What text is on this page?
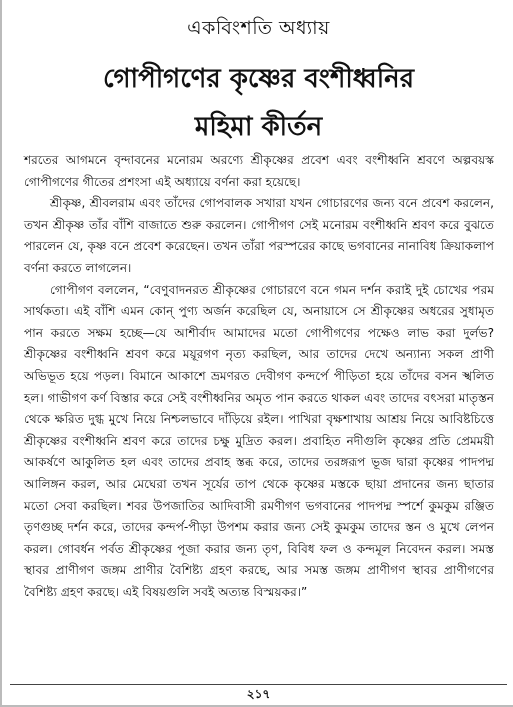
একবিংশতি অধ্যায়
গোপীগণের কৃষ্ণের বংশীধ্বনির
মহিমা কীর্তন

শরতের আগমনে বৃন্দাবনের মনোরম অরণ্যে শ্রীকৃষ্ণের প্রবেশ এবং বংশীধ্বনি শ্রবণে অল্পবয়স্ক গোপীগণের গীতের প্রশংসা এই অধ্যায়ে বর্ণনা করা হয়েছে।

শ্রীকৃষ্ণ, শ্রীবলরাম এবং তাঁদের গোপবালক সখারা যখন গোচারণের জন্য বনে প্রবেশ করলেন, তখন শ্রীকৃষ্ণ তাঁর বাঁশি বাজাতে শুরু করলেন। গোপীগণ সেই মনোরম বংশীধ্বনি শ্রবণ করে বুঝতে পারলেন যে, কৃষ্ণ বনে প্রবেশ করেছেন। তখন তাঁরা পরস্পরের কাছে ভগবানের নানাবিধ ক্রিয়াকলাপ বর্ণনা করতে লাগলেন।

গোপীগণ বললেন, “বেণুবাদনরত শ্রীকৃষ্ণের গোচারণে বনে গমন দর্শন করাই দুই চোখের পরম সার্থকতা। এই বাঁশি এমন কোন্ পুণ্য অর্জন করেছিল যে, অনায়াসে সে শ্রীকৃষ্ণের অধরের সুধামৃত পান করতে সক্ষম হচ্ছে—যে আশীর্বাদ আমাদের মতো গোপীগণের পক্ষেও লাভ করা দুর্লভ? শ্রীকৃষ্ণের বংশীধ্বনি শ্রবণ করে ময়ূরগণ নৃত্য করছিল, আর তাদের দেখে অন্যান্য সকল প্রাণী অভিভূত হয়ে পড়ল। বিমানে আকাশে ভ্রমণরত দেবীগণ কন্দর্পে পীড়িতা হয়ে তাঁদের বসন স্খলিত হল। গাভীগণ কর্ণ বিস্তার করে সেই বংশীধ্বনির অমৃত পান করতে থাকল এবং তাদের বৎসরা মাতৃস্তন থেকে ক্ষরিত দুগ্ধ মুখে নিয়ে নিশ্চলভাবে দাঁড়িয়ে রইল। পাখিরা বৃক্ষশাখায় আশ্রয় নিয়ে আবিষ্টচিত্তে শ্রীকৃষ্ণের বংশীধ্বনি শ্রবণ করে তাদের চক্ষু মুদ্রিত করল। প্রবাহিত নদীগুলি কৃষ্ণের প্রতি প্রেমময়ী আকর্ষণে আকুলিত হল এবং তাদের প্রবাহ স্তব্ধ করে, তাদের তরঙ্গরূপ ভূজ দ্বারা কৃষ্ণের পাদপদ্ম আলিঙ্গন করল, আর মেঘেরা তখন সূর্যের তাপ থেকে কৃষ্ণের মস্তকে ছায়া প্রদানের জন্য ছাতার মতো সেবা করছিল। শবর উপজাতির আদিবাসী রমণীগণ ভগবানের পাদপদ্ম স্পর্শে কুমকুম রঞ্জিত তৃণগুচ্ছ দর্শন করে, তাদের কন্দর্প-পীড়া উপশম করার জন্য সেই কুমকুম তাদের স্তন ও মুখে লেপন করল। গোবর্ধন পর্বত শ্রীকৃষ্ণের পূজা করার জন্য তৃণ, বিবিধ ফল ও কন্দমূল নিবেদন করল। সমস্ত স্থাবর প্রাণীগণ জঙ্গম প্রাণীর বৈশিষ্ট্য গ্রহণ করছে, আর সমস্ত জঙ্গম প্রাণীগণ স্থাবর প্রাণীগণের বৈশিষ্ট্য গ্রহণ করছে। এই বিষয়গুলি সবই অত্যন্ত বিস্ময়কর।”

২১৭
